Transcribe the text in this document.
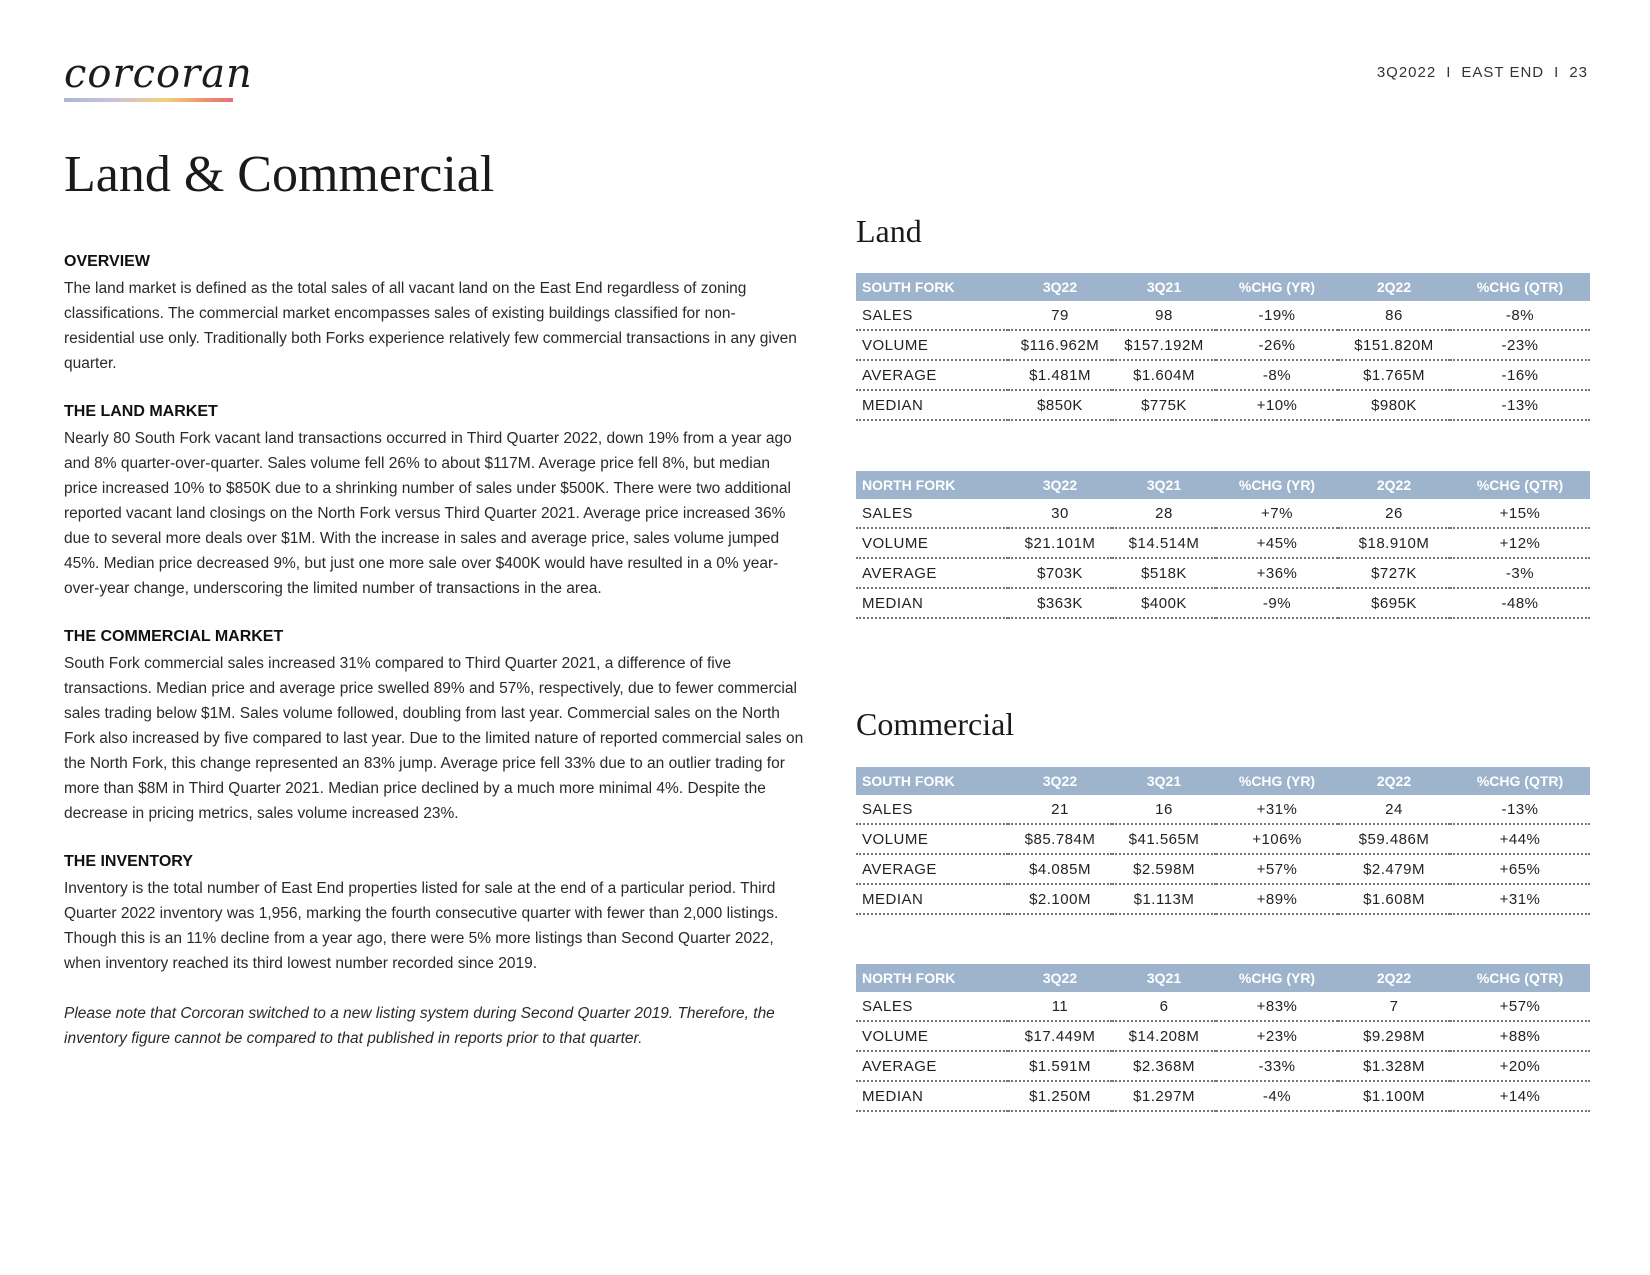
corcoran	3Q2022 I EAST END I 23
Land & Commercial
OVERVIEW

The land market is defined as the total sales of all vacant land on the East End regardless of zoning classifications. The commercial market encompasses sales of existing buildings classified for non-residential use only. Traditionally both Forks experience relatively few commercial transactions in any given quarter.

THE LAND MARKET

Nearly 80 South Fork vacant land transactions occurred in Third Quarter 2022, down 19% from a year ago and 8% quarter-over-quarter. Sales volume fell 26% to about $117M. Average price fell 8%, but median price increased 10% to $850K due to a shrinking number of sales under $500K. There were two additional reported vacant land closings on the North Fork versus Third Quarter 2021. Average price increased 36% due to several more deals over $1M. With the increase in sales and average price, sales volume jumped 45%. Median price decreased 9%, but just one more sale over $400K would have resulted in a 0% year-over-year change, underscoring the limited number of transactions in the area.

THE COMMERCIAL MARKET

South Fork commercial sales increased 31% compared to Third Quarter 2021, a difference of five transactions. Median price and average price swelled 89% and 57%, respectively, due to fewer commercial sales trading below $1M. Sales volume followed, doubling from last year. Commercial sales on the North Fork also increased by five compared to last year. Due to the limited nature of reported commercial sales on the North Fork, this change represented an 83% jump. Average price fell 33% due to an outlier trading for more than $8M in Third Quarter 2021. Median price declined by a much more minimal 4%. Despite the decrease in pricing metrics, sales volume increased 23%.

THE INVENTORY

Inventory is the total number of East End properties listed for sale at the end of a particular period. Third Quarter 2022 inventory was 1,956, marking the fourth consecutive quarter with fewer than 2,000 listings. Though this is an 11% decline from a year ago, there were 5% more listings than Second Quarter 2022, when inventory reached its third lowest number recorded since 2019.

Please note that Corcoran switched to a new listing system during Second Quarter 2019. Therefore, the inventory figure cannot be compared to that published in reports prior to that quarter.

Land
SOUTH FORK	3Q22	3Q21	%CHG (YR)	2Q22	%CHG (QTR)
SALES	79	98	-19%	86	-8%
VOLUME	$116.962M	$157.192M	-26%	$151.820M	-23%
AVERAGE	$1.481M	$1.604M	-8%	$1.765M	-16%
MEDIAN	$850K	$775K	+10%	$980K	-13%
NORTH FORK	3Q22	3Q21	%CHG (YR)	2Q22	%CHG (QTR)
SALES	30	28	+7%	26	+15%
VOLUME	$21.101M	$14.514M	+45%	$18.910M	+12%
AVERAGE	$703K	$518K	+36%	$727K	-3%
MEDIAN	$363K	$400K	-9%	$695K	-48%
Commercial
SOUTH FORK	3Q22	3Q21	%CHG (YR)	2Q22	%CHG (QTR)
SALES	21	16	+31%	24	-13%
VOLUME	$85.784M	$41.565M	+106%	$59.486M	+44%
AVERAGE	$4.085M	$2.598M	+57%	$2.479M	+65%
MEDIAN	$2.100M	$1.113M	+89%	$1.608M	+31%
NORTH FORK	3Q22	3Q21	%CHG (YR)	2Q22	%CHG (QTR)
SALES	11	6	+83%	7	+57%
VOLUME	$17.449M	$14.208M	+23%	$9.298M	+88%
AVERAGE	$1.591M	$2.368M	-33%	$1.328M	+20%
MEDIAN	$1.250M	$1.297M	-4%	$1.100M	+14%
